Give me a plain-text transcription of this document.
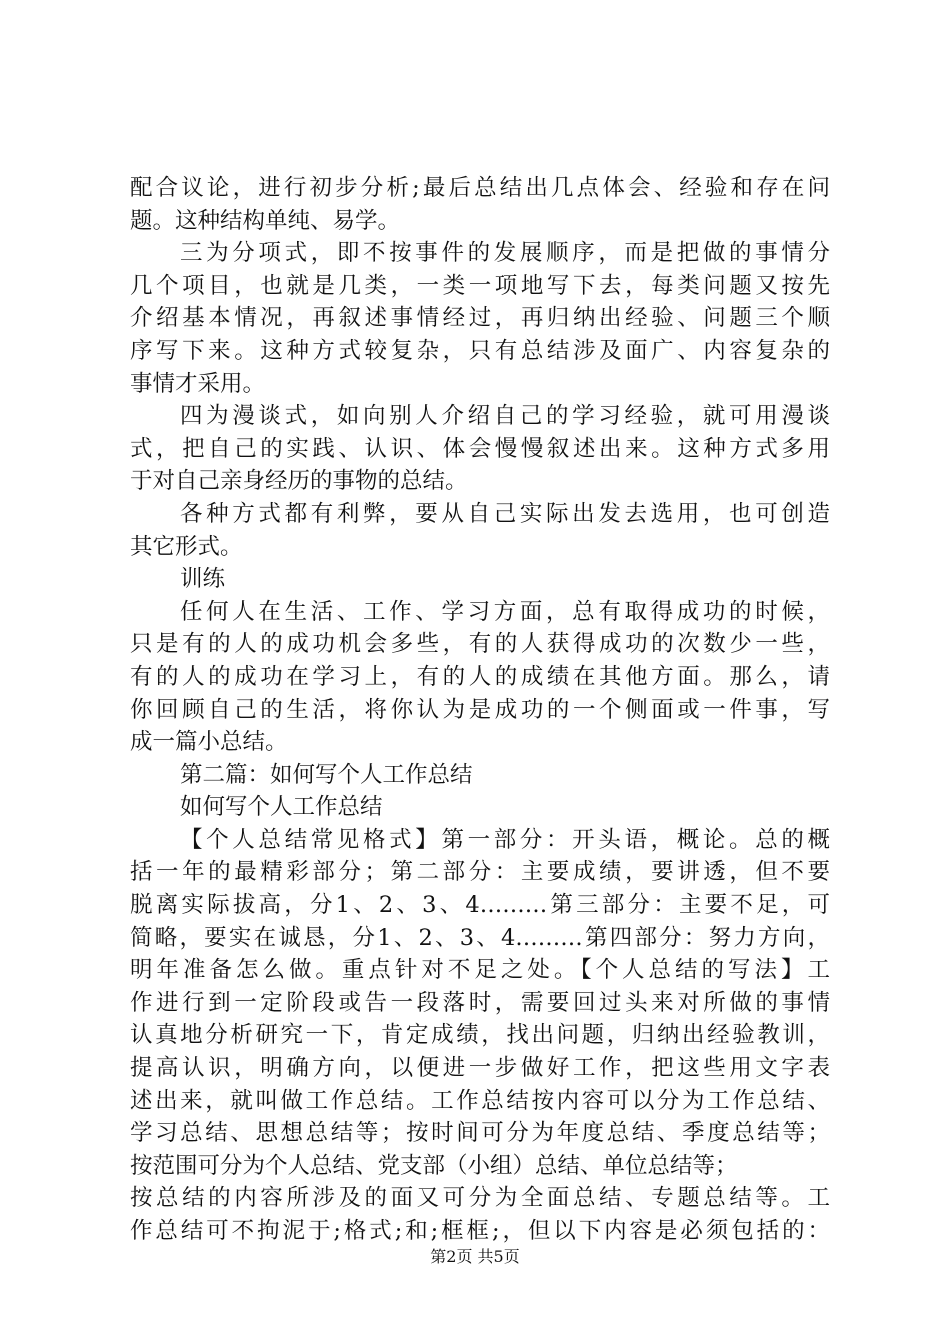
配合议论，进行初步分析;最后总结出几点体会、经验和存在问
题。这种结构单纯、易学。
三为分项式，即不按事件的发展顺序，而是把做的事情分
几个项目，也就是几类，一类一项地写下去，每类问题又按先
介绍基本情况，再叙述事情经过，再归纳出经验、问题三个顺
序写下来。这种方式较复杂，只有总结涉及面广、内容复杂的
事情才采用。
四为漫谈式，如向别人介绍自己的学习经验，就可用漫谈
式，把自己的实践、认识、体会慢慢叙述出来。这种方式多用
于对自己亲身经历的事物的总结。
各种方式都有利弊，要从自己实际出发去选用，也可创造
其它形式。
训练
任何人在生活、工作、学习方面，总有取得成功的时候，
只是有的人的成功机会多些，有的人获得成功的次数少一些，
有的人的成功在学习上，有的人的成绩在其他方面。那么，请
你回顾自己的生活，将你认为是成功的一个侧面或一件事，写
成一篇小总结。
第二篇：如何写个人工作总结
如何写个人工作总结
【个人总结常见格式】第一部分：开头语，概论。总的概
括一年的最精彩部分；第二部分：主要成绩，要讲透，但不要
脱离实际拔高，分1、2、3、4………第三部分：主要不足，可
简略，要实在诚恳，分1、2、3、4………第四部分：努力方向，
明年准备怎么做。重点针对不足之处。【个人总结的写法】工
作进行到一定阶段或告一段落时，需要回过头来对所做的事情
认真地分析研究一下，肯定成绩，找出问题，归纳出经验教训，
提高认识，明确方向，以便进一步做好工作，把这些用文字表
述出来，就叫做工作总结。工作总结按内容可以分为工作总结、
学习总结、思想总结等；按时间可分为年度总结、季度总结等；
按范围可分为个人总结、党支部（小组）总结、单位总结等；
按总结的内容所涉及的面又可分为全面总结、专题总结等。工
作总结可不拘泥于;格式;和;框框;，但以下内容是必须包括的：
第2页 共5页
